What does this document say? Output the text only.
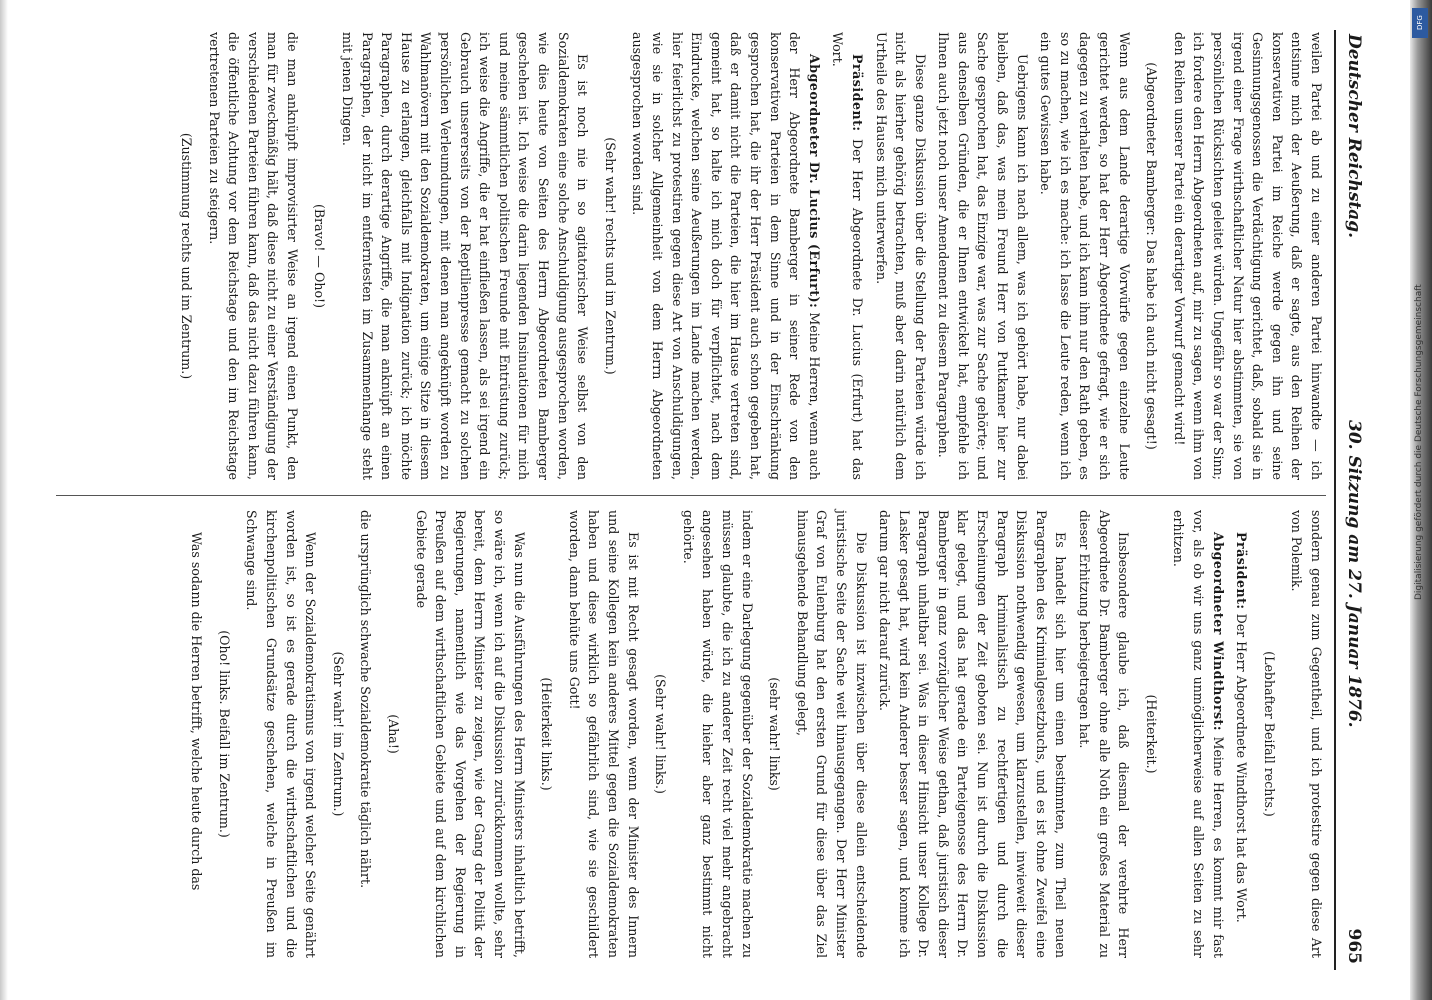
DFG
Digitalisierung gefördert durch die Deutsche Forschungsgemeinschaft
Deutscher Reichstag.
30. Sitzung am 27. Januar 1876.
965

weilen Partei ab und zu einer anderen Partei hinwandte — ich entsinne mich der Aeußerung, daß er sagte, aus den Reihen der konservativen Partei im Reiche werde gegen ihn und seine Gesinnungsgenossen die Verdächtigung gerichtet, daß, sobald sie in irgend einer Frage wirthschaftlicher Natur hier abstimmten, sie von persönlichen Rücksichten geleitet würden. Ungefähr so war der Sinn; ich fordere den Herrn Abgeordneten auf, mir zu sagen, wenn ihm von den Reihen unserer Partei ein derartiger Vorwurf gemacht wird!

(Abgeordneter Bamberger: Das habe ich auch nicht gesagt!)

Wenn aus dem Lande derartige Vorwürfe gegen einzelne Leute gerichtet werden, so hat der Herr Abgeordnete gefragt, wie er sich dagegen zu verhalten habe, und ich kann ihm nur den Rath geben, es so zu machen, wie ich es mache: ich lasse die Leute reden, wenn ich ein gutes Gewissen habe.

Uebrigens kann ich nach allem, was ich gehört habe, nur dabei bleiben, daß das, was mein Freund Herr von Puttkamer hier zur Sache gesprochen hat, das Einzige war, was zur Sache gehörte; und aus denselben Gründen, die er Ihnen entwickelt hat, empfehle ich Ihnen auch jetzt noch unser Amendement zu diesem Paragraphen.

Diese ganze Diskussion über die Stellung der Parteien würde ich nicht als hierher gehörig betrachten, muß aber darin natürlich dem Urtheile des Hauses mich unterwerfen.

Präsident: Der Herr Abgeordnete Dr. Lucius (Erfurt) hat das Wort.

Abgeordneter Dr. Lucius (Erfurt): Meine Herren, wenn auch der Herr Abgeordnete Bamberger in seiner Rede von den konservativen Parteien in dem Sinne und in der Einschränkung gesprochen hat, die ihr der Herr Präsident auch schon gegeben hat, daß er damit nicht die Parteien, die hier im Hause vertreten sind, gemeint hat, so halte ich mich doch für verpflichtet, nach dem Eindrucke, welchen seine Aeußerungen im Lande machen werden, hier feierlichst zu protestiren gegen diese Art von Anschuldigungen, wie sie in solcher Allgemeinheit von dem Herrn Abgeordneten ausgesprochen worden sind.

(Sehr wahr! rechts und im Zentrum.)

Es ist noch nie in so agitatorischer Weise selbst von den Sozialdemokraten eine solche Anschuldigung ausgesprochen worden, wie dies heute von Seiten des Herrn Abgeordneten Bamberger geschehen ist. Ich weise die darin liegenden Insinuationen für mich und meine sämmtlichen politischen Freunde mit Entrüstung zurück; ich weise die Angriffe, die er hat einfließen lassen, als sei irgend ein Gebrauch unsererseits von der Reptilienpresse gemacht zu solchen persönlichen Verleumdungen, mit denen man angeknüpft worden zu Wahlmanövern mit den Sozialdemokraten, um einige Sitze in diesem Hause zu erlangen, gleichfalls mit Indignation zurück; ich möchte Paragraphen, durch derartige Angriffe, die man anknüpft an einen Paragraphen, der nicht im entferntesten im Zusammenhange steht mit jenen Dingen.

(Bravo! — Oho!)

die man anknüpft improvisirter Weise an irgend einen Punkt, den man für zweckmäßig hält, daß diese nicht zu einer Verständigung der verschiedenen Parteien führen kann, daß das nicht dazu führen kann, die öffentliche Achtung vor dem Reichstage und den im Reichstage vertretenen Parteien zu steigern.

(Zustimmung rechts und im Zentrum.)

sondern genau zum Gegentheil, und ich protestire gegen diese Art von Polemik.

(Lebhafter Beifall rechts.)

Präsident: Der Herr Abgeordnete Windthorst hat das Wort.

Abgeordneter Windthorst: Meine Herren, es kommt mir fast vor, als ob wir uns ganz unmöglicherweise auf allen Seiten zu sehr erhitzen.

(Heiterkeit.)

Insbesondere glaube ich, daß diesmal der verehrte Herr Abgeordnete Dr. Bamberger ohne alle Noth ein großes Material zu dieser Erhitzung herbeigetragen hat.

Es handelt sich hier um einen bestimmten, zum Theil neuen Paragraphen des Kriminalgesetzbuchs, und es ist ohne Zweifel eine Diskussion nothwendig gewesen, um klarzustellen, inwieweit dieser Paragraph kriminalistisch zu rechtfertigen und durch die Erscheinungen der Zeit geboten sei. Nun ist durch die Diskussion klar gelegt, und das hat gerade ein Parteigenosse des Herrn Dr. Bamberger in ganz vorzüglicher Weise gethan, daß juristisch dieser Paragraph unhaltbar sei. Was in dieser Hinsicht unser Kollege Dr. Lasker gesagt hat, wird kein Anderer besser sagen, und komme ich darum gar nicht darauf zurück.

Die Diskussion ist inzwischen über diese allein entscheidende juristische Seite der Sache weit hinausgegangen. Der Herr Minister Graf von Eulenburg hat den ersten Grund für diese über das Ziel hinausgehende Behandlung gelegt,

(sehr wahr! links)

indem er eine Darlegung gegenüber der Sozialdemokratie machen zu müssen glaubte, die ich zu anderer Zeit recht viel mehr angebracht angesehen haben würde, die hieher aber ganz bestimmt nicht gehörte.

(Sehr wahr! links.)

Es ist mit Recht gesagt worden, wenn der Minister des Innern und seine Kollegen kein anderes Mittel gegen die Sozialdemokraten haben und diese wirklich so gefährlich sind, wie sie geschildert worden, dann behüte uns Gott!

(Heiterkeit links.)

Was nun die Ausführungen des Herrn Ministers inhaltlich betrifft, so wäre ich, wenn ich auf die Diskussion zurückkommen wollte, sehr bereit, dem Herrn Minister zu zeigen, wie der Gang der Politik der Regierungen, namentlich wie das Vorgehen der Regierung in Preußen auf dem wirthschaftlichen Gebiete und auf dem kirchlichen Gebiete gerade

(Aha!)

die ursprünglich schwache Sozialdemokratie täglich nährt.

(Sehr wahr! im Zentrum.)

Wenn der Sozialdemokratismus von irgend welcher Seite genährt worden ist, so ist es gerade durch die wirthschaftlichen und die kirchenpolitischen Grundsätze geschehen, welche in Preußen im Schwange sind.

(Oho! links. Beifall im Zentrum.)

Was sodann die Herren betrifft, welche heute durch das
